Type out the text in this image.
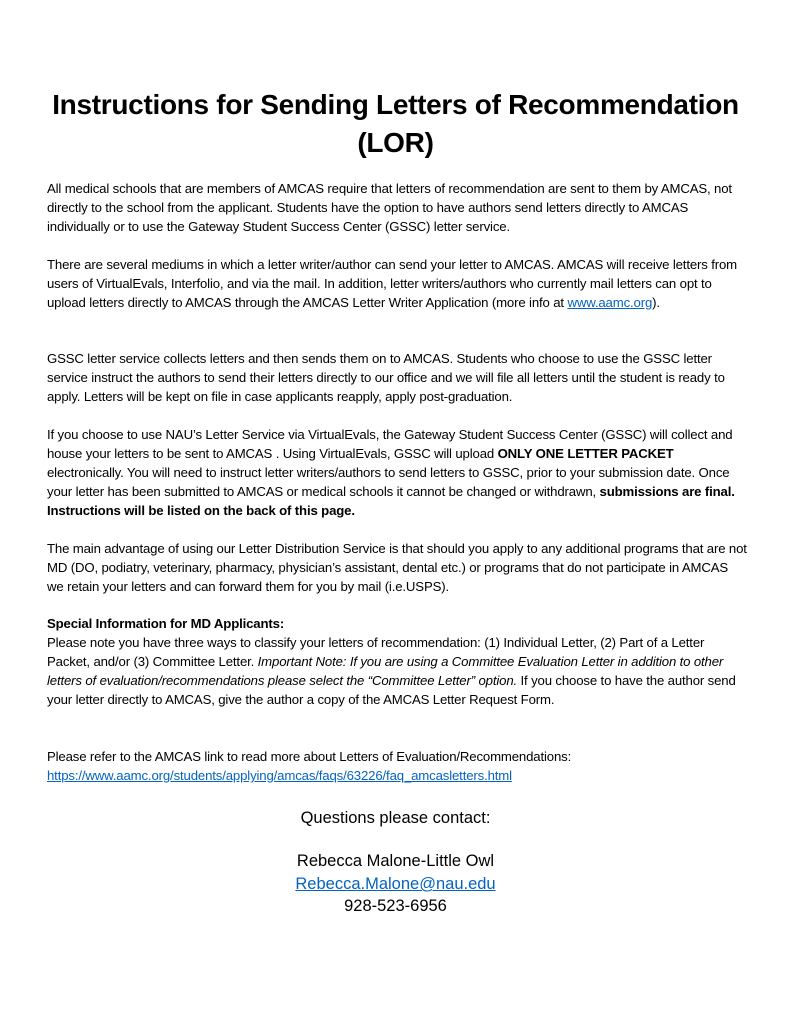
Instructions for Sending Letters of Recommendation (LOR)

All medical schools that are members of AMCAS require that letters of recommendation are sent to them by AMCAS, not directly to the school from the applicant. Students have the option to have authors send letters directly to AMCAS individually or to use the Gateway Student Success Center (GSSC) letter service.

There are several mediums in which a letter writer/author can send your letter to AMCAS. AMCAS will receive letters from users of VirtualEvals, Interfolio, and via the mail. In addition, letter writers/authors who currently mail letters can opt to upload letters directly to AMCAS through the AMCAS Letter Writer Application (more info at www.aamc.org).

GSSC letter service collects letters and then sends them on to AMCAS. Students who choose to use the GSSC letter service instruct the authors to send their letters directly to our office and we will file all letters until the student is ready to apply. Letters will be kept on file in case applicants reapply, apply post-graduation.

If you choose to use NAU’s Letter Service via VirtualEvals, the Gateway Student Success Center (GSSC) will collect and house your letters to be sent to AMCAS . Using VirtualEvals, GSSC will upload ONLY ONE LETTER PACKET electronically. You will need to instruct letter writers/authors to send letters to GSSC, prior to your submission date. Once your letter has been submitted to AMCAS or medical schools it cannot be changed or withdrawn, submissions are final. Instructions will be listed on the back of this page.

The main advantage of using our Letter Distribution Service is that should you apply to any additional programs that are not MD (DO, podiatry, veterinary, pharmacy, physician’s assistant, dental etc.) or programs that do not participate in AMCAS we retain your letters and can forward them for you by mail (i.e.USPS).

Special Information for MD Applicants:
Please note you have three ways to classify your letters of recommendation: (1) Individual Letter, (2) Part of a Letter Packet, and/or (3) Committee Letter. Important Note: If you are using a Committee Evaluation Letter in addition to other letters of evaluation/recommendations please select the “Committee Letter” option. If you choose to have the author send your letter directly to AMCAS, give the author a copy of the AMCAS Letter Request Form.

Please refer to the AMCAS link to read more about Letters of Evaluation/Recommendations:
https://www.aamc.org/students/applying/amcas/faqs/63226/faq_amcasletters.html

Questions please contact:
Rebecca Malone-Little Owl
Rebecca.Malone@nau.edu
928-523-6956
